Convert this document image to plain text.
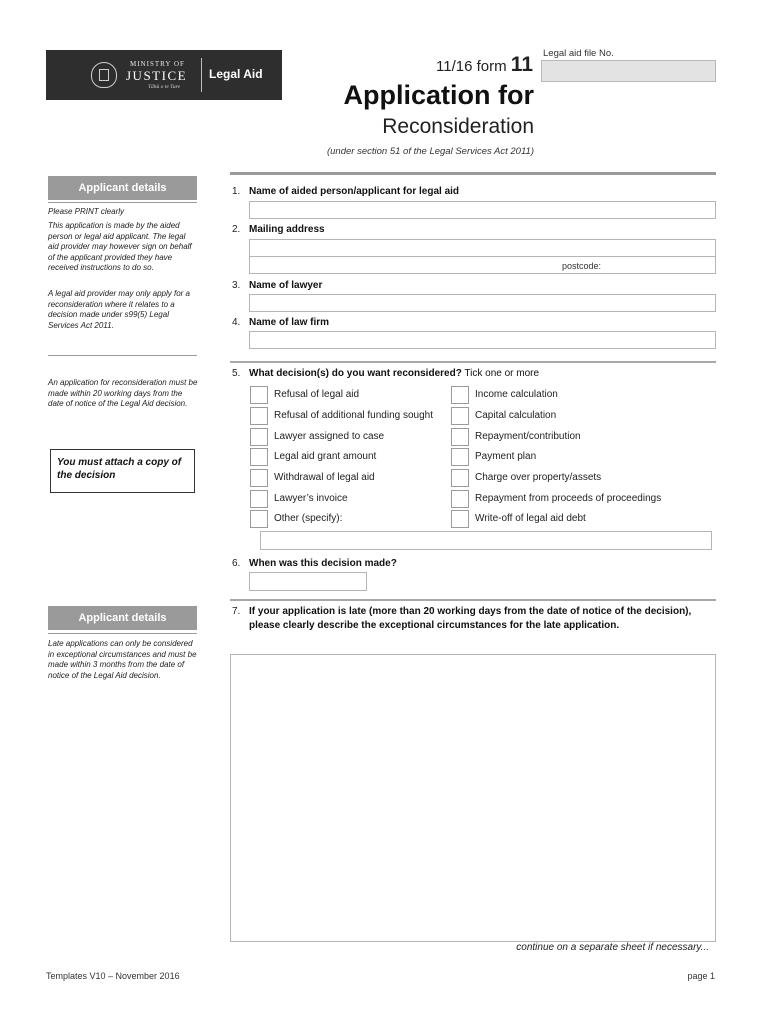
MINISTRY OF
JUSTICE
Tāhū o te Ture
Legal Aid	11/16 form 11 Legal aid file No.
Application for
Reconsideration
(under section 51 of the Legal Services Act 2011)
Applicant details
Please PRINT clearly
This application is made by the aided person or legal aid applicant. The legal aid provider may however sign on behalf of the applicant provided they have received instructions to do so.
A legal aid provider may only apply for a reconsideration where it relates to a decision made under s99(5) Legal Services Act 2011.
1. Name of aided person/applicant for legal aid
2. Mailing address
postcode:
3. Name of lawyer
4. Name of law firm
An application for reconsideration must be made within 20 working days from the date of notice of the Legal Aid decision.
You must attach a copy of the decision
5. What decision(s) do you want reconsidered? Tick one or more
Refusal of legal aid
Refusal of additional funding sought
Lawyer assigned to case
Legal aid grant amount
Withdrawal of legal aid
Lawyer’s invoice
Other (specify):
Income calculation
Capital calculation
Repayment/contribution
Payment plan
Charge over property/assets
Repayment from proceeds of proceedings
Write-off of legal aid debt
6. When was this decision made?
Applicant details
Late applications can only be considered in exceptional circumstances and must be made within 3 months from the date of notice of the Legal Aid decision.
7. If your application is late (more than 20 working days from the date of notice of the decision),
please clearly describe the exceptional circumstances for the late application.
continue on a separate sheet if necessary...
Templates V10 – November 2016	page 1
